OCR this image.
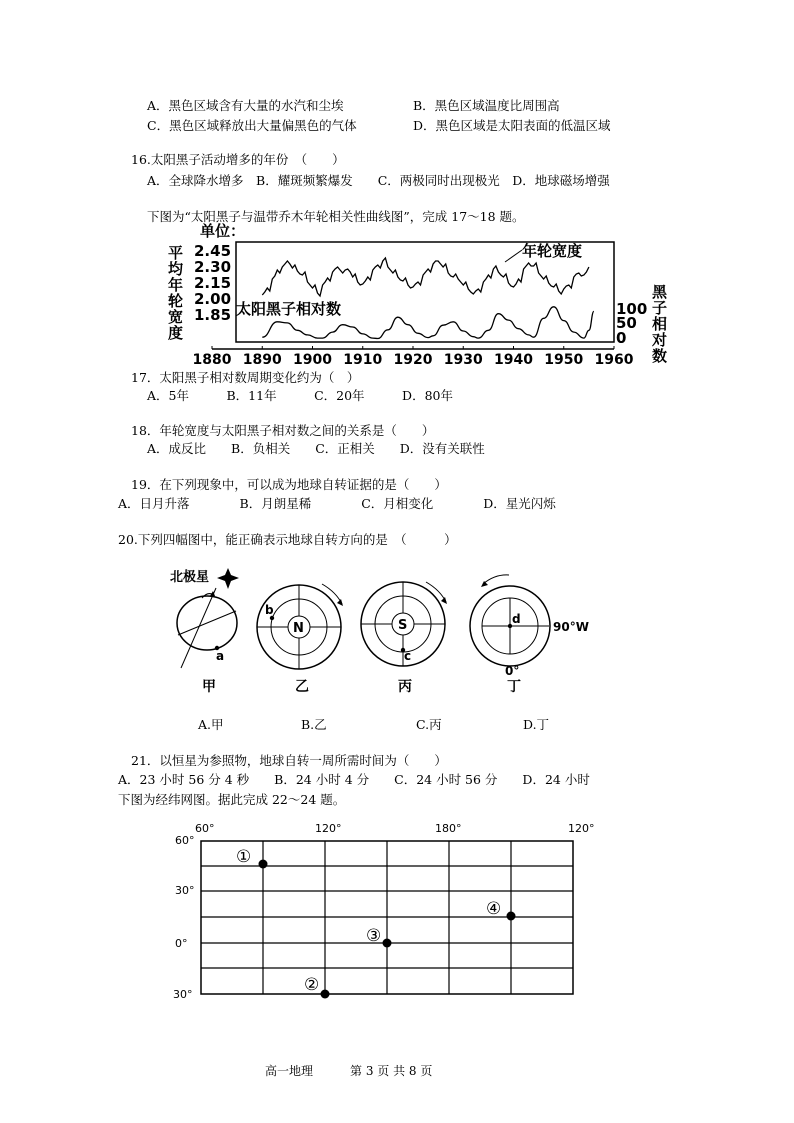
A．黑色区域含有大量的水汽和尘埃	B．黑色区域温度比周围高
C．黑色区域释放出大量偏黑色的气体	D．黑色区域是太阳表面的低温区域
16.太阳黑子活动增多的年份　（　　）
A．全球降水增多　B．耀斑频繁爆发　　C．两极同时出现极光　D．地球磁场增强
下图为“太阳黑子与温带乔木年轮相关性曲线图”，完成 17～18 题。
单位：
平
均
年
轮
宽
度
2.45
2.30
2.15
2.00
1.85
黑
子
相
对
数
100
50
0
年轮宽度
太阳黑子相对数
1880 1890 1900 1910 1920 1930 1940 1950 1960
17．太阳黑子相对数周期变化约为（　）
A．5年　　　B．11年　　　C．20年　　　D．80年
18．年轮宽度与太阳黑子相对数之间的关系是（　　）
A．成反比　　B．负相关　　C．正相关　　D．没有关联性
19．在下列现象中，可以成为地球自转证据的是（　　）
A．日月升落　　　　B．月朗星稀　　　　C．月相变化　　　　D．星光闪烁
20.下列四幅图中，能正确表示地球自转方向的是　（　　　）
北极星
a
N
b
S
c
d
90°W
0°
甲	乙	丙	丁
A.甲	B.乙	C.丙	D.丁
21．以恒星为参照物，地球自转一周所需时间为（　　）
A．23 小时 56 分 4 秒　　B．24 小时 4 分　　C．24 小时 56 分　　D．24 小时
下图为经纬网图。据此完成 22～24 题。
60°	120°	180°	120°
60°
30°
0°
30°
①
②
③
④
高一地理	第 3 页 共 8 页
